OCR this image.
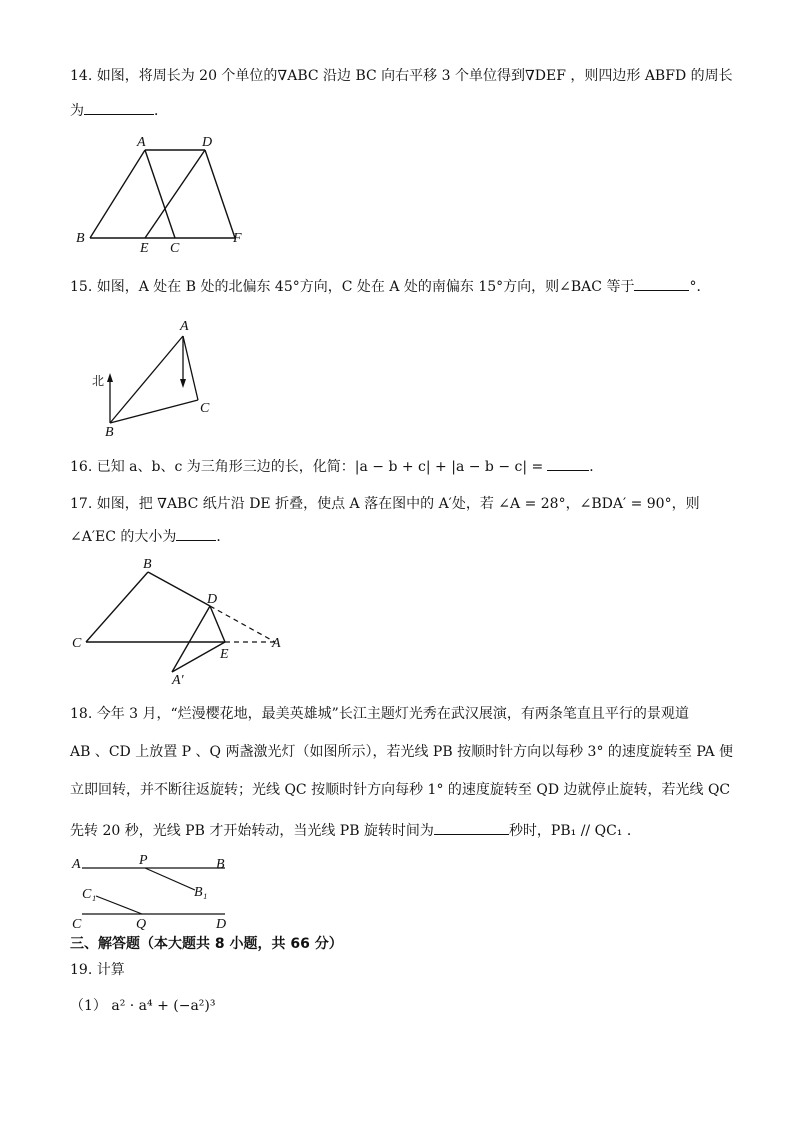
14. 如图，将周长为 20 个单位的∇ABC 沿边 BC 向右平移 3 个单位得到∇DEF ，则四边形 ABFD 的周长
为	．
A	D
B
E C
F
15. 如图，A 处在 B 处的北偏东 45°方向，C 处在 A 处的南偏东 15°方向，则∠BAC 等于	°．
A
B
C
北
16. 已知 a、b、c 为三角形三边的长，化简：|a − b + c| + |a − b − c| =	．
17. 如图，把 ∇ABC 纸片沿 DE 折叠，使点 A 落在图中的 A′处，若 ∠A = 28°，∠BDA′ = 90°，则
∠A′EC 的大小为	．
B
D
C
E
A
A′
18. 今年 3 月，“烂漫樱花地，最美英雄城”长江主题灯光秀在武汉展演，有两条笔直且平行的景观道
AB 、CD 上放置 P 、Q 两盏激光灯（如图所示），若光线 PB 按顺时针方向以每秒 3° 的速度旋转至 PA 便
立即回转，并不断往返旋转；光线 QC 按顺时针方向每秒 1° 的速度旋转至 QD 边就停止旋转，若光线 QC
先转 20 秒，光线 PB 才开始转动，当光线 PB 旋转时间为	秒时，PB₁ // QC₁ ．
A	P	B
C₁	B₁
C	Q	D
三、解答题（本大题共 8 小题，共 66 分）
19. 计算
（1） a² · a⁴ + (−a²)³
